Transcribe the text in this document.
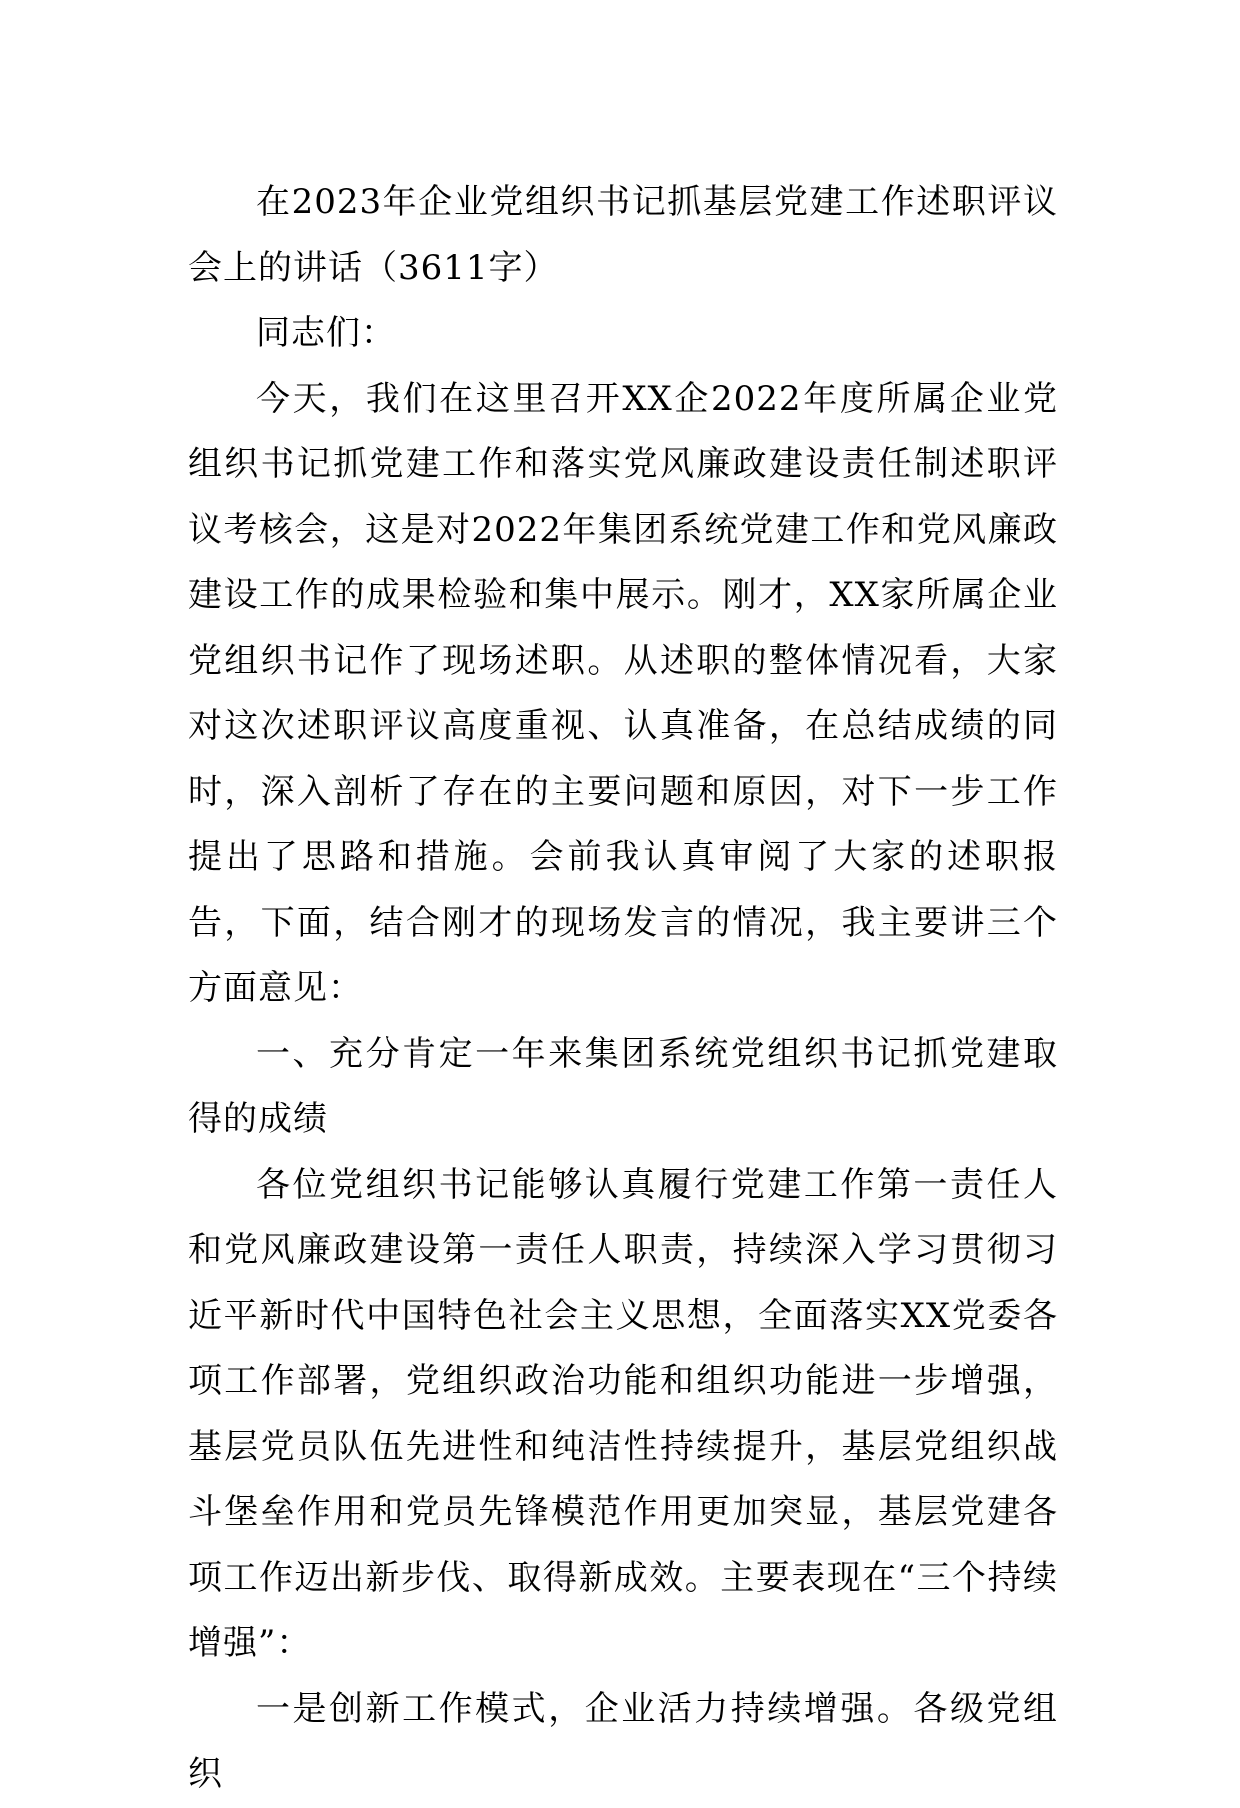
在2023年企业党组织书记抓基层党建工作述职评议会上的讲话（3611字）

同志们：

今天，我们在这里召开XX企2022年度所属企业党组织书记抓党建工作和落实党风廉政建设责任制述职评议考核会，这是对2022年集团系统党建工作和党风廉政建设工作的成果检验和集中展示。刚才，XX家所属企业党组织书记作了现场述职。从述职的整体情况看，大家对这次述职评议高度重视、认真准备，在总结成绩的同时，深入剖析了存在的主要问题和原因，对下一步工作提出了思路和措施。会前我认真审阅了大家的述职报告，下面，结合刚才的现场发言的情况，我主要讲三个方面意见：

一、充分肯定一年来集团系统党组织书记抓党建取得的成绩

各位党组织书记能够认真履行党建工作第一责任人和党风廉政建设第一责任人职责，持续深入学习贯彻习近平新时代中国特色社会主义思想，全面落实XX党委各项工作部署，党组织政治功能和组织功能进一步增强，基层党员队伍先进性和纯洁性持续提升，基层党组织战斗堡垒作用和党员先锋模范作用更加突显，基层党建各项工作迈出新步伐、取得新成效。主要表现在“三个持续增强”：

一是创新工作模式，企业活力持续增强。各级党组织
